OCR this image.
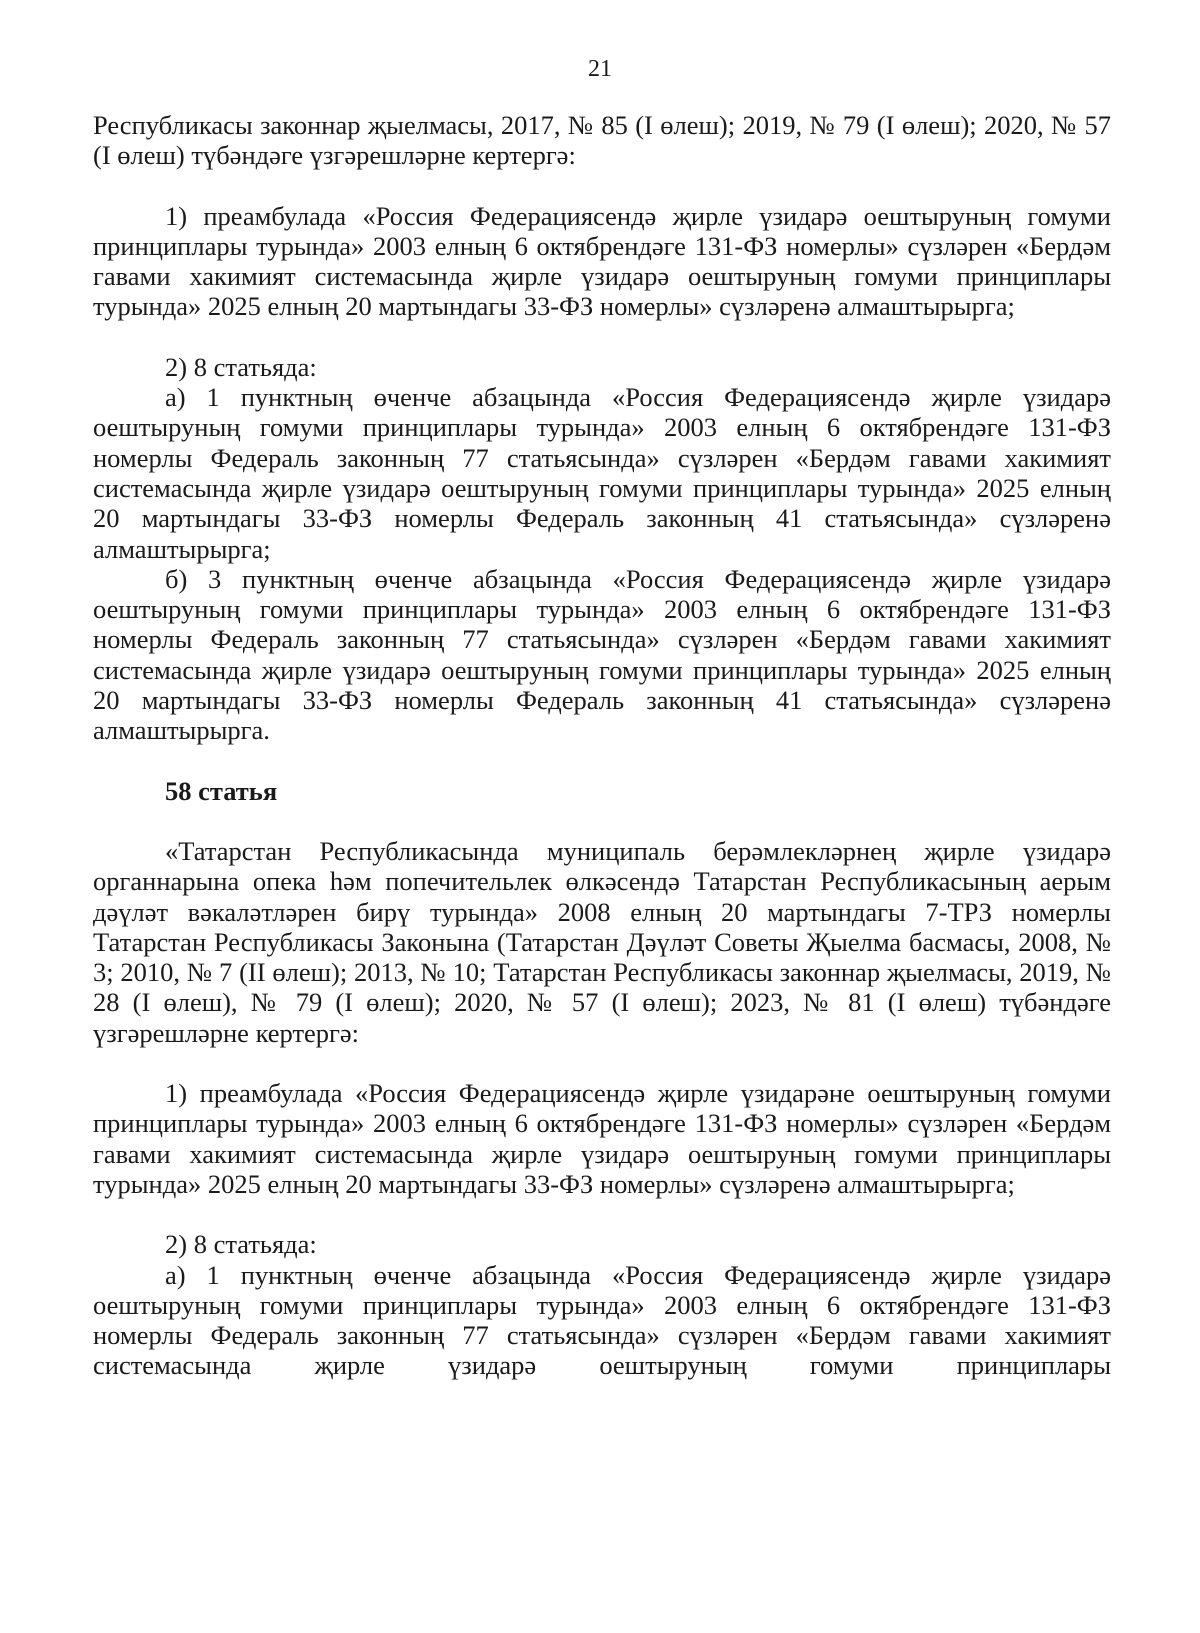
21

Республикасы законнар җыелмасы, 2017, № 85 (I өлеш); 2019, № 79 (I өлеш); 2020, № 57 (I өлеш) түбәндәге үзгәрешләрне кертергә:

1) преамбулада «Россия Федерациясендә җирле үзидарә оештыруның гомуми принциплары турында» 2003 елның 6 октябрендәге 131-ФЗ номерлы» сүзләрен «Бердәм гавами хакимият системасында җирле үзидарә оештыруның гомуми принциплары турында» 2025 елның 20 мартындагы 33-ФЗ номерлы» сүзләренә алмаштырырга;

2) 8 статьяда:

а) 1 пунктның өченче абзацында «Россия Федерациясендә җирле үзидарә оештыруның гомуми принциплары турында» 2003 елның 6 октябрендәге 131-ФЗ номерлы Федераль законның 77 статьясында» сүзләрен «Бердәм гавами хакимият системасында җирле үзидарә оештыруның гомуми принциплары турында» 2025 елның 20 мартындагы 33-ФЗ номерлы Федераль законның 41 статьясында» сүзләренә алмаштырырга;

б) 3 пунктның өченче абзацында «Россия Федерациясендә җирле үзидарә оештыруның гомуми принциплары турында» 2003 елның 6 октябрендәге 131-ФЗ номерлы Федераль законның 77 статьясында» сүзләрен «Бердәм гавами хакимият системасында җирле үзидарә оештыруның гомуми принциплары турында» 2025 елның 20 мартындагы 33-ФЗ номерлы Федераль законның 41 статьясында» сүзләренә алмаштырырга.

58 статья

«Татарстан Республикасында муниципаль берәмлекләрнең җирле үзидарә органнарына опека һәм попечительлек өлкәсендә Татарстан Республикасының аерым дәүләт вәкаләтләрен бирү турында» 2008 елның 20 мартындагы 7-ТРЗ номерлы Татарстан Республикасы Законына (Татарстан Дәүләт Советы Җыелма басмасы, 2008, № 3; 2010, № 7 (II өлеш); 2013, № 10; Татарстан Республикасы законнар җыелмасы, 2019, № 28 (I өлеш), № 79 (I өлеш); 2020, № 57 (I өлеш); 2023, № 81 (I өлеш) түбәндәге үзгәрешләрне кертергә:

1) преамбулада «Россия Федерациясендә җирле үзидарәне оештыруның гомуми принциплары турында» 2003 елның 6 октябрендәге 131-ФЗ номерлы» сүзләрен «Бердәм гавами хакимият системасында җирле үзидарә оештыруның гомуми принциплары турында» 2025 елның 20 мартындагы 33-ФЗ номерлы» сүзләренә алмаштырырга;

2) 8 статьяда:

а) 1 пунктның өченче абзацында «Россия Федерациясендә җирле үзидарә оештыруның гомуми принциплары турында» 2003 елның 6 октябрендәге 131-ФЗ номерлы Федераль законның 77 статьясында» сүзләрен «Бердәм гавами хакимият системасында җирле үзидарә оештыруның гомуми принциплары
